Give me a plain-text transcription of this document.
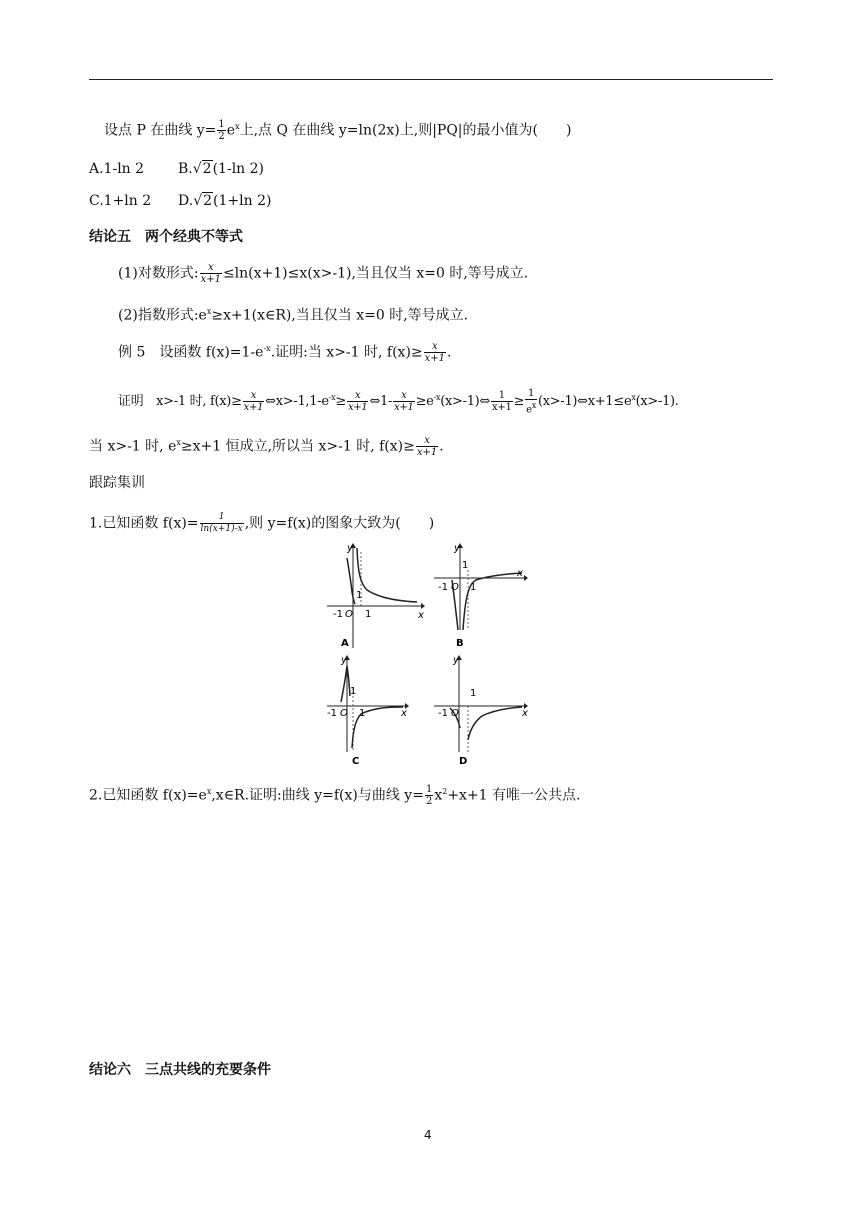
设点 P 在曲线 $y= \frac{1}{2} e^x$上,点 Q 在曲线 y=ln(2x)上,则|PQ|的最小值为(　　)
A.1-ln 2 B.√2(1-ln 2)
C.1+ln 2 D.√2(1+ln 2)
结论五　两个经典不等式
(1)对数形式: $\frac{x}{x+1} \le\ln(x+1)\le x(x>-1)$,当且仅当 x=0 时,等号成立.
(2)指数形式$:e^x\ge x+1(x\in R)$,当且仅当 x=0 时,等号成立.
例 5　设函数 $f(x)=1-e^{-x}$.证明:当 x>-1 时, $f(x)\ge \frac{x}{x+1}$ .
证明　x>-1 时, $f(x)\ge \frac{x}{x+1}$ $\Leftrightarrow x>-1,1-e^{-x}\ge \frac{x}{x+1}$ ⇔1- $\frac{x}{x+1}$ $\ge e^{-x}(x>-1)\Leftrightarrow \frac{1}{x+1} \ge \frac{1}{e^x}$ $(x>-1)\Leftrightarrow x+1\le e^x(x>-1)$.
当 x>-1 时, $e^x\ge x+1$ 恒成立,所以当 x>-1 时, $f(x)\ge \frac{x}{x+1}$ .
跟踪集训
1.已知函数 $f(x)= \frac{1}{\ln(x+1)-x}$ ,则 y=f(x)的图象大致为(　　)
y
x
-1 O 1
1
A
y
x
-1 O 1
1
B
y
x
-1 O 1
1
C
y
x
-1 O
1
D
2.已知函数 $f(x)=e^x,x\in R$.证明:曲线 y=f(x)与曲线 $y= \frac{1}{2} x^2+x+1$ 有唯一公共点.
结论六　三点共线的充要条件
4
